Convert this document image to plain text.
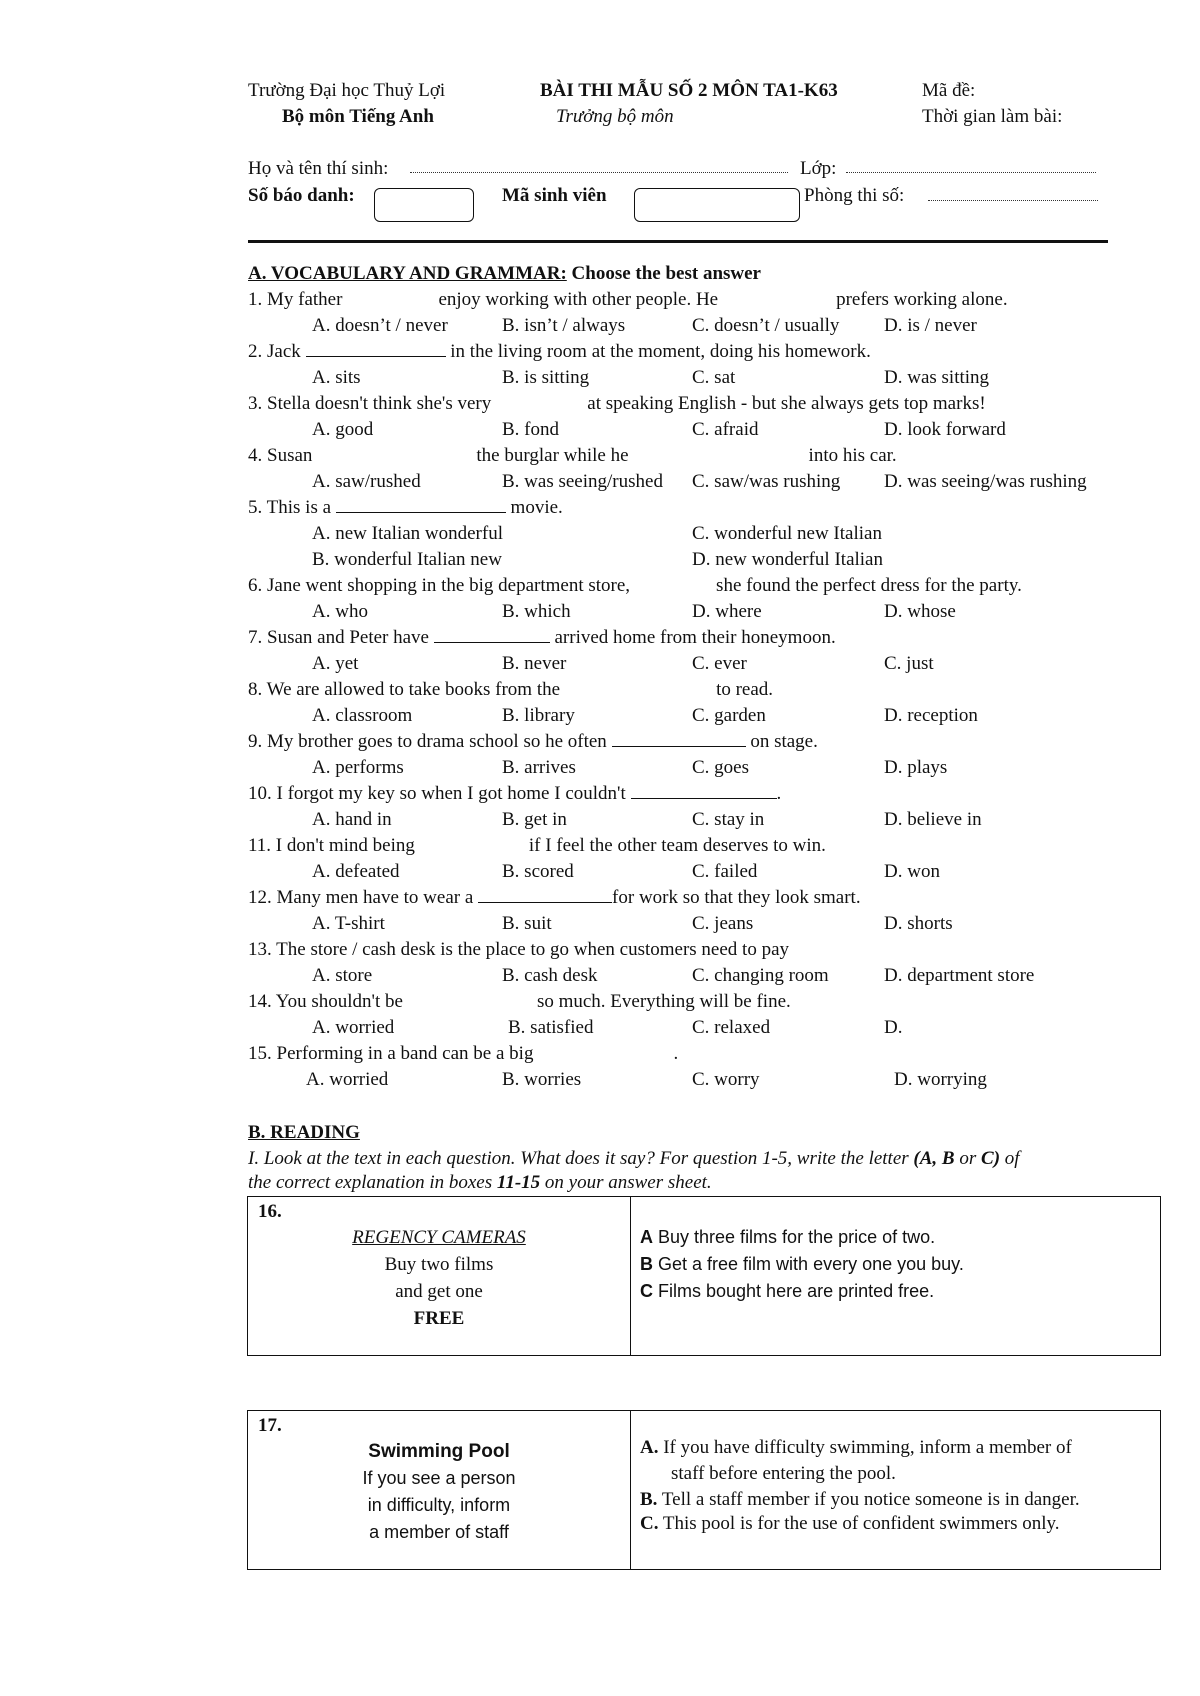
Trường Đại học Thuỷ Lợi
Bộ môn Tiếng Anh
BÀI THI MẪU SỐ 2 MÔN TA1-K63
Trưởng bộ môn
Mã đề:
Thời gian làm bài:
Họ và tên thí sinh:	Lớp:
Số báo danh:	Mã sinh viên	Phòng thi số:
A. VOCABULARY AND GRAMMAR: Choose the best answer
1. My father	enjoy working with other people. He	prefers working alone.
A. doesn’t / never	B. isn’t / always	C. doesn’t / usually D. is / never
2. Jack	in the living room at the moment, doing his homework.
A. sits	B. is sitting	C. sat	D. was sitting
3. Stella doesn't think she's very	at speaking English - but she always gets top marks!
A. good	B. fond	C. afraid	D. look forward
4. Susan	the burglar while he	into his car.
A. saw/rushed	B. was seeing/rushed C. saw/was rushing D. was seeing/was rushing
5. This is a	movie.
A. new Italian wonderful	C. wonderful new Italian
B. wonderful Italian new	D. new wonderful Italian
6. Jane went shopping in the big department store,	she found the perfect dress for the party.
A. who	B. which	D. where	D. whose
7. Susan and Peter have	arrived home from their honeymoon.
A. yet	B. never	C. ever	C. just
8. We are allowed to take books from the	to read.
A. classroom	B. library	C. garden	D. reception
9. My brother goes to drama school so he often	on stage.
A. performs	B. arrives	C. goes	D. plays
10. I forgot my key so when I got home I couldn't	.
A. hand in	B. get in	C. stay in	D. believe in
11. I don't mind being	if I feel the other team deserves to win.
A. defeated	B. scored	C. failed	D. won
12. Many men have to wear a	for work so that they look smart.
A. T-shirt	B. suit	C. jeans	D. shorts
13. The store / cash desk is the place to go when customers need to pay
A. store	B. cash desk	C. changing room	D. department store
14. You shouldn't be	so much. Everything will be fine.
A. worried	B. satisfied	C. relaxed	D.
15. Performing in a band can be a big	.
A. worried	B. worries	C. worry	D. worrying
B. READING
I. Look at the text in each question. What does it say? For question 1-5, write the letter (A, B or C) of
the correct explanation in boxes 11-15 on your answer sheet.
16.
REGENCY CAMERAS
Buy two films
and get one
FREE

A Buy three films for the price of two.
B Get a free film with every one you buy.
C Films bought here are printed free.
17.
Swimming Pool
If you see a person
in difficulty, inform
a member of staff

A. If you have difficulty swimming, inform a member of
staff before entering the pool.
B. Tell a staff member if you notice someone is in danger.
C. This pool is for the use of confident swimmers only.
